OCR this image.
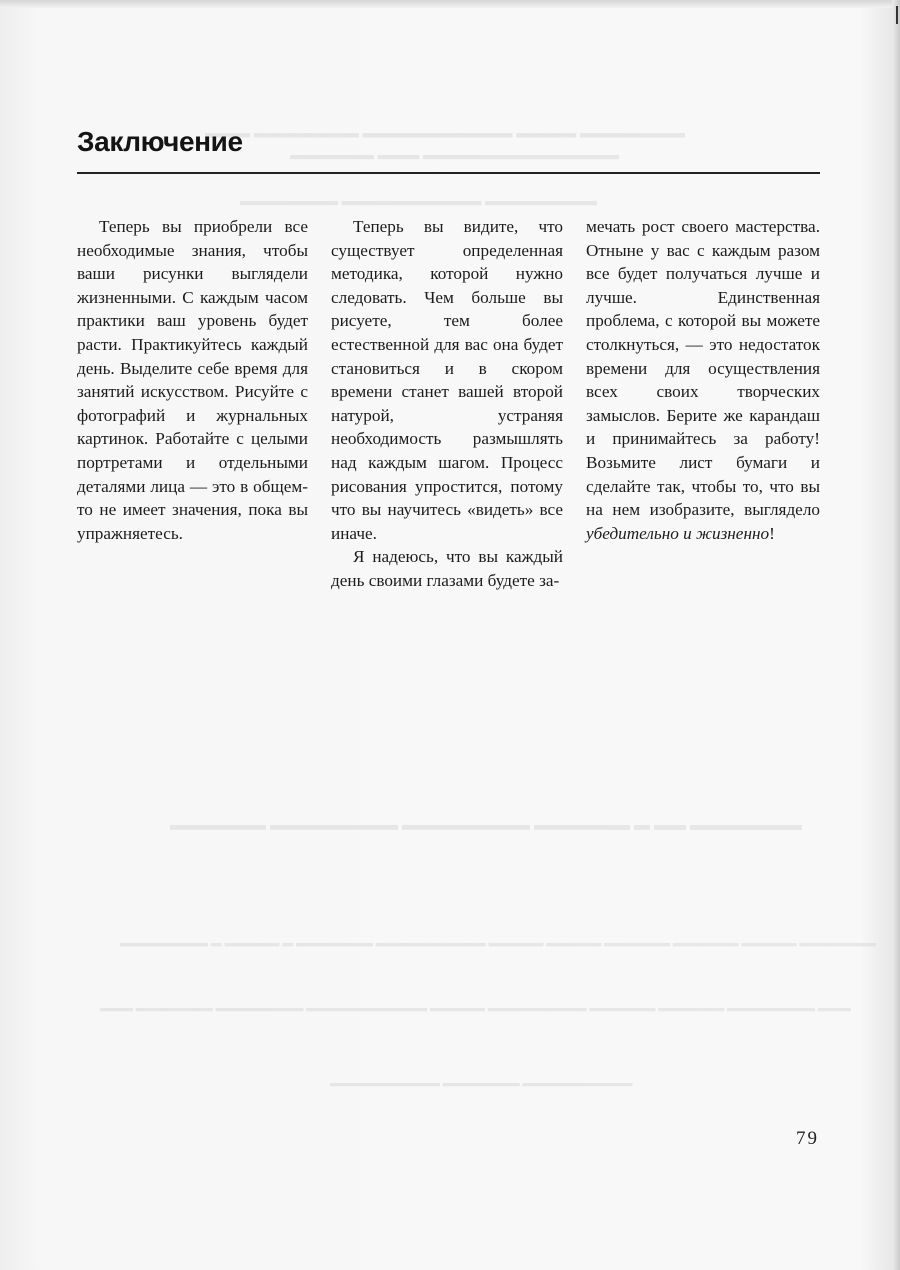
▬▬▬ ▬▬▬▬▬▬▬ ▬▬▬▬▬▬▬▬▬▬ ▬▬▬▬ ▬▬▬▬▬▬▬
▬▬▬▬▬▬ ▬▬▬ ▬▬▬▬▬▬▬▬▬▬▬▬▬▬
▬▬▬▬▬▬▬ ▬▬▬▬▬▬▬▬▬▬ ▬▬▬▬▬▬▬▬
▬▬▬▬▬▬ ▬▬▬▬▬▬▬▬ ▬▬▬▬▬▬▬▬ ▬▬▬▬▬▬ ▬ ▬▬ ▬▬▬▬▬▬▬
▬▬▬▬▬▬▬▬ ▬ ▬▬▬▬▬ ▬ ▬▬▬▬▬▬▬ ▬▬▬▬▬▬▬▬▬▬ ▬▬▬▬▬ ▬▬▬▬▬ ▬▬▬▬▬▬ ▬▬▬▬▬▬ ▬▬▬▬▬ ▬▬▬▬▬▬▬
▬▬▬ ▬▬▬▬▬▬▬ ▬▬▬▬▬▬▬▬ ▬▬▬▬▬▬▬▬▬▬▬ ▬▬▬▬▬ ▬▬▬▬▬▬▬▬▬ ▬▬▬▬▬▬ ▬▬▬▬▬▬ ▬▬▬▬▬▬▬▬ ▬▬▬
▬▬▬▬▬▬▬▬▬▬ ▬▬▬▬▬▬▬ ▬▬▬▬▬▬▬▬▬▬
Заключение

Теперь вы приобрели все необходимые знания, чтобы ваши рисунки выглядели жизненными. С каждым часом практики ваш уровень будет расти. Практикуйтесь каждый день. Выделите себе время для занятий искусством. Рисуйте с фотографий и журнальных картинок. Работайте с целыми портретами и отдельными деталями лица — это в общем-то не имеет значения, пока вы упражняетесь.

Теперь вы видите, что существует определенная методика, которой нужно следовать. Чем больше вы рисуете, тем более естественной для вас она будет становиться и в скором времени станет вашей второй натурой, устраняя необходимость размышлять над каждым шагом. Процесс рисования упростится, потому что вы научитесь «видеть» все иначе.

Я надеюсь, что вы каждый день своими глазами будете за-

мечать рост своего мастерства. Отныне у вас с каждым разом все будет получаться лучше и лучше. Единственная проблема, с которой вы можете столкнуться, — это недостаток времени для осуществления всех своих творческих замыслов. Берите же карандаш и принимайтесь за работу! Возьмите лист бумаги и сделайте так, чтобы то, что вы на нем изобразите, выглядело убедительно и жизненно!

79
